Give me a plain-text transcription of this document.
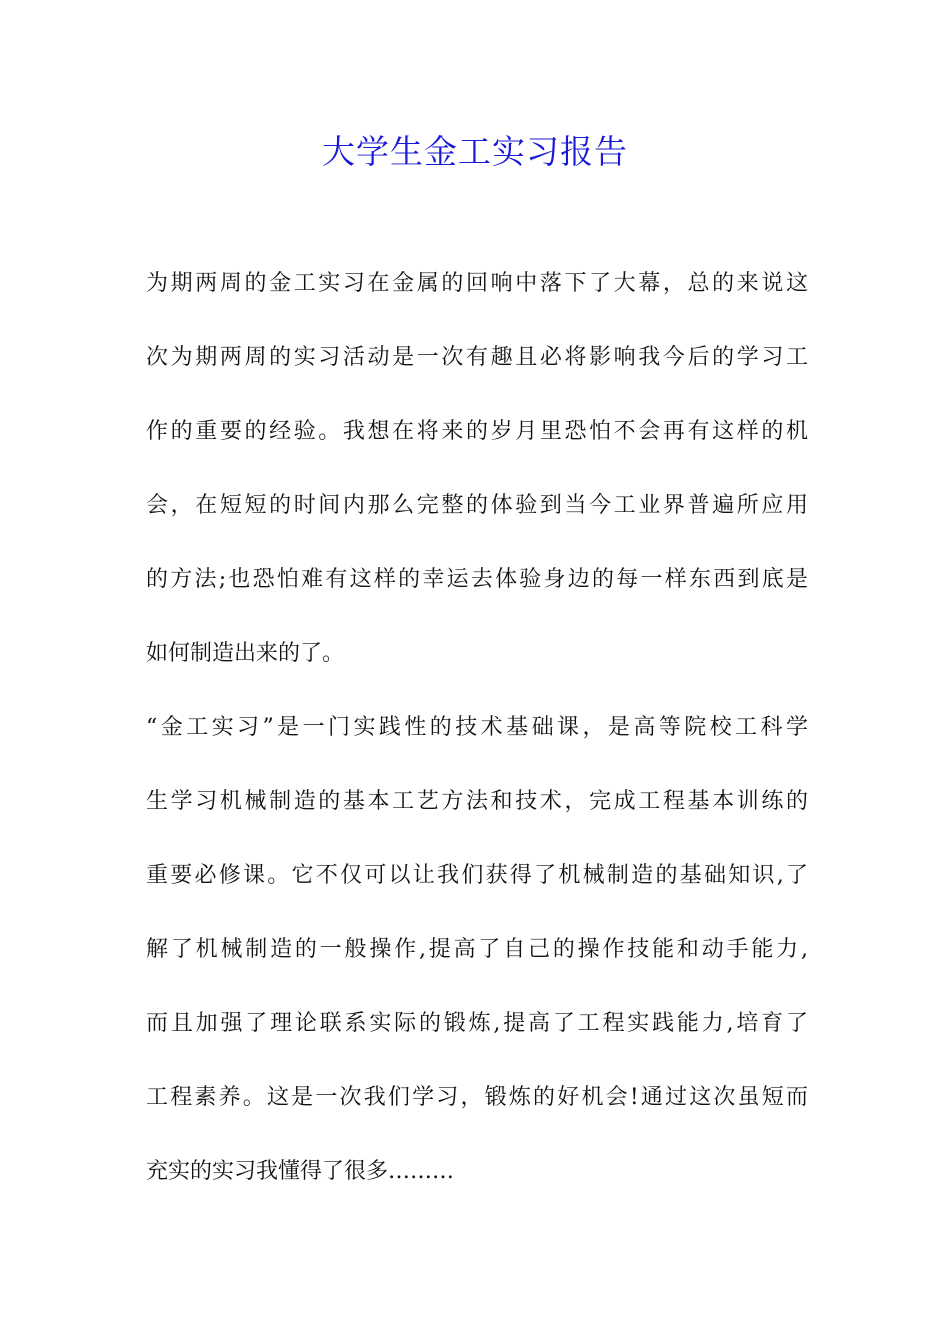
大学生金工实习报告
为期两周的金工实习在金属的回响中落下了大幕，总的来说这
次为期两周的实习活动是一次有趣且必将影响我今后的学习工
作的重要的经验。我想在将来的岁月里恐怕不会再有这样的机
会，在短短的时间内那么完整的体验到当今工业界普遍所应用
的方法;也恐怕难有这样的幸运去体验身边的每一样东西到底是
如何制造出来的了。
“金工实习”是一门实践性的技术基础课，是高等院校工科学
生学习机械制造的基本工艺方法和技术，完成工程基本训练的
重要必修课。它不仅可以让我们获得了机械制造的基础知识,了
解了机械制造的一般操作,提高了自己的操作技能和动手能力,
而且加强了理论联系实际的锻炼,提高了工程实践能力,培育了
工程素养。这是一次我们学习，锻炼的好机会!通过这次虽短而
充实的实习我懂得了很多………
